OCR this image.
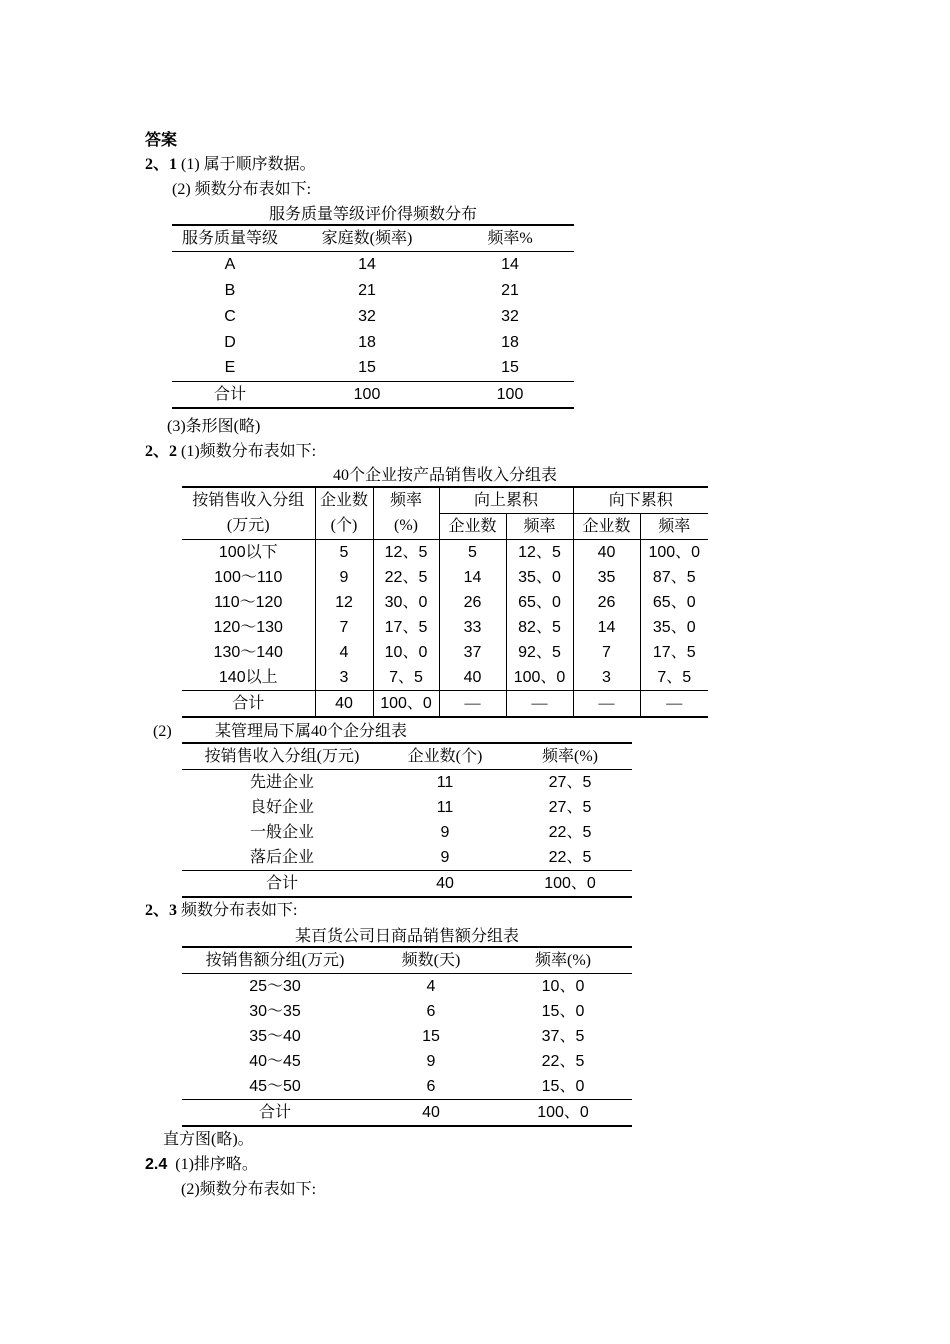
答案
2、1 (1) 属于顺序数据。
(2) 频数分布表如下:
服务质量等级评价得频数分布
服务质量等级	家庭数(频率)	频率%
A	14	14
B	21	21
C	32	32
D	18	18
E	15	15
合计	100	100
(3)条形图(略)
2、2 (1)频数分布表如下:
40个企业按产品销售收入分组表
按销售收入分组	企业数	频率	向上累积		向下累积	
(万元)	(个)	(%)	企业数	频率	企业数	频率
100以下	5	12、5	5	12、5	40	100、0
100～110	9	22、5	14	35、0	35	87、5
110～120	12	30、0	26	65、0	26	65、0
120～130	7	17、5	33	82、5	14	35、0
130～140	4	10、0	37	92、5	7	17、5
140以上	3	7、5	40	100、0	3	7、5
合计	40	100、0	—	—	—	—
(2)	某管理局下属40个企分组表
按销售收入分组(万元)	企业数(个)	频率(%)
先进企业	11	27、5
良好企业	11	27、5
一般企业	9	22、5
落后企业	9	22、5
合计	40	100、0
2、3 频数分布表如下:
某百货公司日商品销售额分组表
按销售额分组(万元)	频数(天)	频率(%)
25～30	4	10、0
30～35	6	15、0
35～40	15	37、5
40～45	9	22、5
45～50	6	15、0
合计	40	100、0
直方图(略)。
2.4 (1)排序略。
(2)频数分布表如下:
